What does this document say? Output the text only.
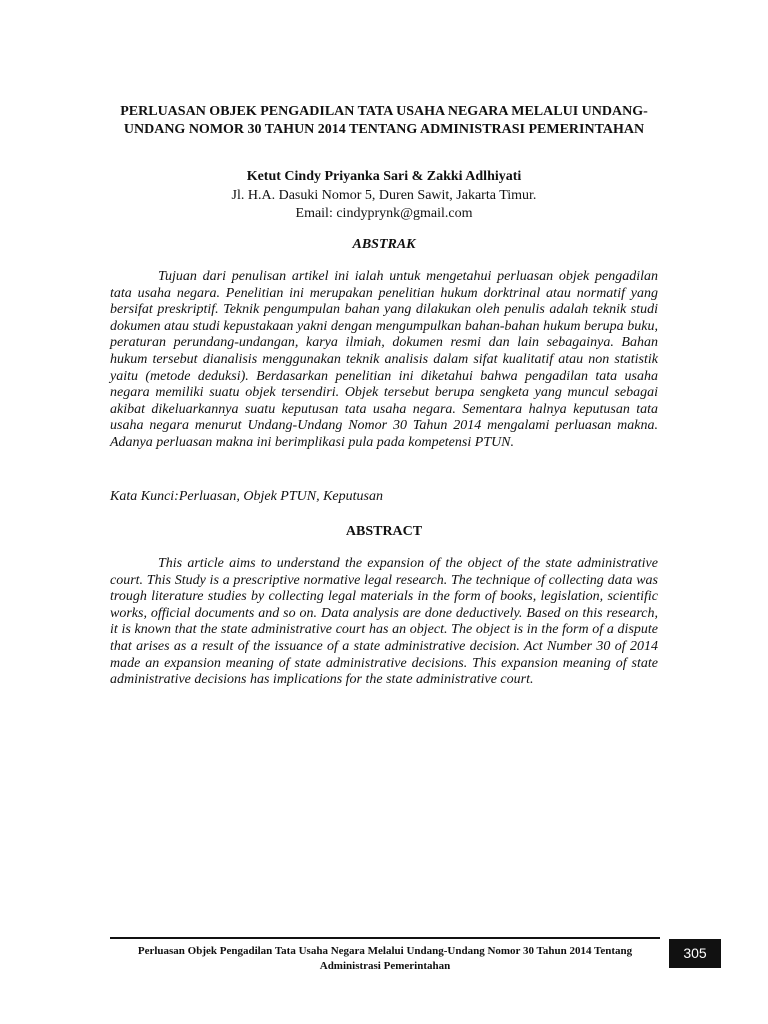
PERLUASAN OBJEK PENGADILAN TATA USAHA NEGARA MELALUI UNDANG-UNDANG NOMOR 30 TAHUN 2014 TENTANG ADMINISTRASI PEMERINTAHAN
Ketut Cindy Priyanka Sari & Zakki Adlhiyati
Jl. H.A. Dasuki Nomor 5, Duren Sawit, Jakarta Timur.
Email: cindyprynk@gmail.com
ABSTRAK
Tujuan dari penulisan artikel ini ialah untuk mengetahui perluasan objek pengadilan tata usaha negara. Penelitian ini merupakan penelitian hukum dorktrinal atau normatif yang bersifat preskriptif. Teknik pengumpulan bahan yang dilakukan oleh penulis adalah teknik studi dokumen atau studi kepustakaan yakni dengan mengumpulkan bahan-bahan hukum berupa buku, peraturan perundang-undangan, karya ilmiah, dokumen resmi dan lain sebagainya. Bahan hukum tersebut dianalisis menggunakan teknik analisis dalam sifat kualitatif atau non statistik yaitu (metode deduksi). Berdasarkan penelitian ini diketahui bahwa pengadilan tata usaha negara memiliki suatu objek tersendiri. Objek tersebut berupa sengketa yang muncul sebagai akibat dikeluarkannya suatu keputusan tata usaha negara. Sementara halnya keputusan tata usaha negara menurut Undang-Undang Nomor 30 Tahun 2014 mengalami perluasan makna. Adanya perluasan makna ini berimplikasi pula pada kompetensi PTUN.
Kata Kunci:Perluasan, Objek PTUN, Keputusan
ABSTRACT
This article aims to understand the expansion of the object of the state administrative court. This Study is a prescriptive normative legal research. The technique of collecting data was trough literature studies by collecting legal materials in the form of books, legislation, scientific works, official documents and so on. Data analysis are done deductively. Based on this research, it is known that the state administrative court has an object. The object is in the form of a dispute that arises as a result of the issuance of a state administrative decision. Act Number 30 of 2014 made an expansion meaning of state administrative decisions. This expansion meaning of state administrative decisions has implications for the state administrative court.
Perluasan Objek Pengadilan Tata Usaha Negara Melalui Undang-Undang Nomor 30 Tahun 2014 Tentang Administrasi Pemerintahan
305
